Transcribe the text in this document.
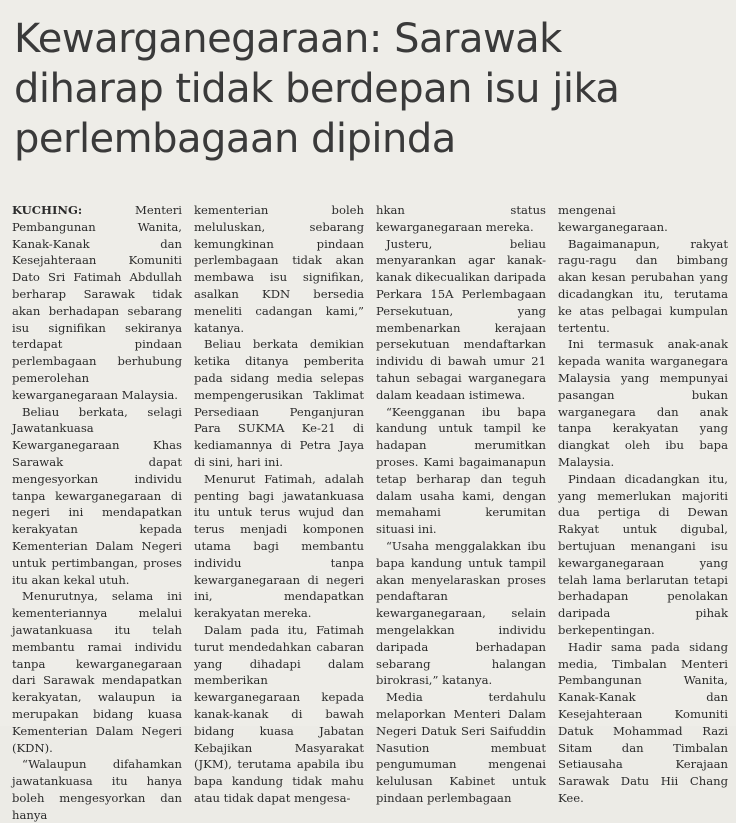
Kewarganegaraan: Sarawak diharap tidak berdepan isu jika perlembagaan dipinda

KUCHING:	Menteri Pembangunan Wanita, Kanak-Kanak dan Kesejahteraan Komuniti Dato Sri Fatimah Abdullah berharap Sarawak tidak akan berhadapan sebarang isu signifikan sekiranya terdapat pindaan perlembagaan berhubung pemerolehan kewarganegaraan Malaysia.

Beliau berkata, selagi Jawatankuasa Kewarganegaraan Khas Sarawak dapat mengesyorkan individu tanpa kewarganegaraan di negeri ini mendapatkan kerakyatan kepada Kementerian Dalam Negeri untuk pertimbangan, proses itu akan kekal utuh.

Menurutnya, selama ini kementeriannya melalui jawatankuasa itu telah membantu ramai individu tanpa kewarganegaraan dari Sarawak mendapatkan kerakyatan, walaupun ia merupakan bidang kuasa Kementerian Dalam Negeri (KDN).

“Walaupun difahamkan jawatankuasa itu hanya boleh mengesyorkan dan hanya

kementerian boleh meluluskan, sebarang kemungkinan pindaan perlembagaan tidak akan membawa isu signifikan, asalkan KDN bersedia meneliti cadangan kami,” katanya.

Beliau berkata demikian ketika ditanya pemberita pada sidang media selepas mempengerusikan Taklimat Persediaan Penganjuran Para SUKMA Ke-21 di kediamannya di Petra Jaya di sini, hari ini.

Menurut Fatimah, adalah penting bagi jawatankuasa itu untuk terus wujud dan terus menjadi komponen utama bagi membantu individu tanpa kewarganegaraan di negeri ini, mendapatkan kerakyatan mereka.

Dalam pada itu, Fatimah turut mendedahkan cabaran yang dihadapi dalam memberikan kewarganegaraan kepada kanak-kanak di bawah bidang kuasa Jabatan Kebajikan Masyarakat (JKM), terutama apabila ibu bapa kandung tidak mahu atau tidak dapat mengesa-

hkan status kewarganegaraan mereka.

Justeru, beliau menyarankan agar kanak-kanak dikecualikan daripada Perkara 15A Perlembagaan Persekutuan, yang membenarkan kerajaan persekutuan mendaftarkan individu di bawah umur 21 tahun sebagai warganegara dalam keadaan istimewa.

“Keengganan ibu bapa kandung untuk tampil ke hadapan merumitkan proses. Kami bagaimanapun tetap berharap dan teguh dalam usaha kami, dengan memahami kerumitan situasi ini.

“Usaha menggalakkan ibu bapa kandung untuk tampil akan menyelaraskan proses pendaftaran kewarganegaraan, selain mengelakkan individu daripada berhadapan sebarang halangan birokrasi,” katanya.

Media terdahulu melaporkan Menteri Dalam Negeri Datuk Seri Saifuddin Nasution membuat pengumuman mengenai kelulusan Kabinet untuk pindaan perlembagaan

mengenai kewarganegaraan.

Bagaimanapun, rakyat ragu-ragu dan bimbang akan kesan perubahan yang dicadangkan itu, terutama ke atas pelbagai kumpulan tertentu.

Ini termasuk anak-anak kepada wanita warganegara Malaysia yang mempunyai pasangan bukan warganegara dan anak tanpa kerakyatan yang diangkat oleh ibu bapa Malaysia.

Pindaan dicadangkan itu, yang memerlukan majoriti dua pertiga di Dewan Rakyat untuk digubal, bertujuan menangani isu kewarganegaraan yang telah lama berlarutan tetapi berhadapan penolakan daripada pihak berkepentingan.

Hadir sama pada sidang media, Timbalan Menteri Pembangunan Wanita, Kanak-Kanak dan Kesejahteraan Komuniti Datuk Mohammad Razi Sitam dan Timbalan Setiausaha Kerajaan Sarawak Datu Hii Chang Kee.
